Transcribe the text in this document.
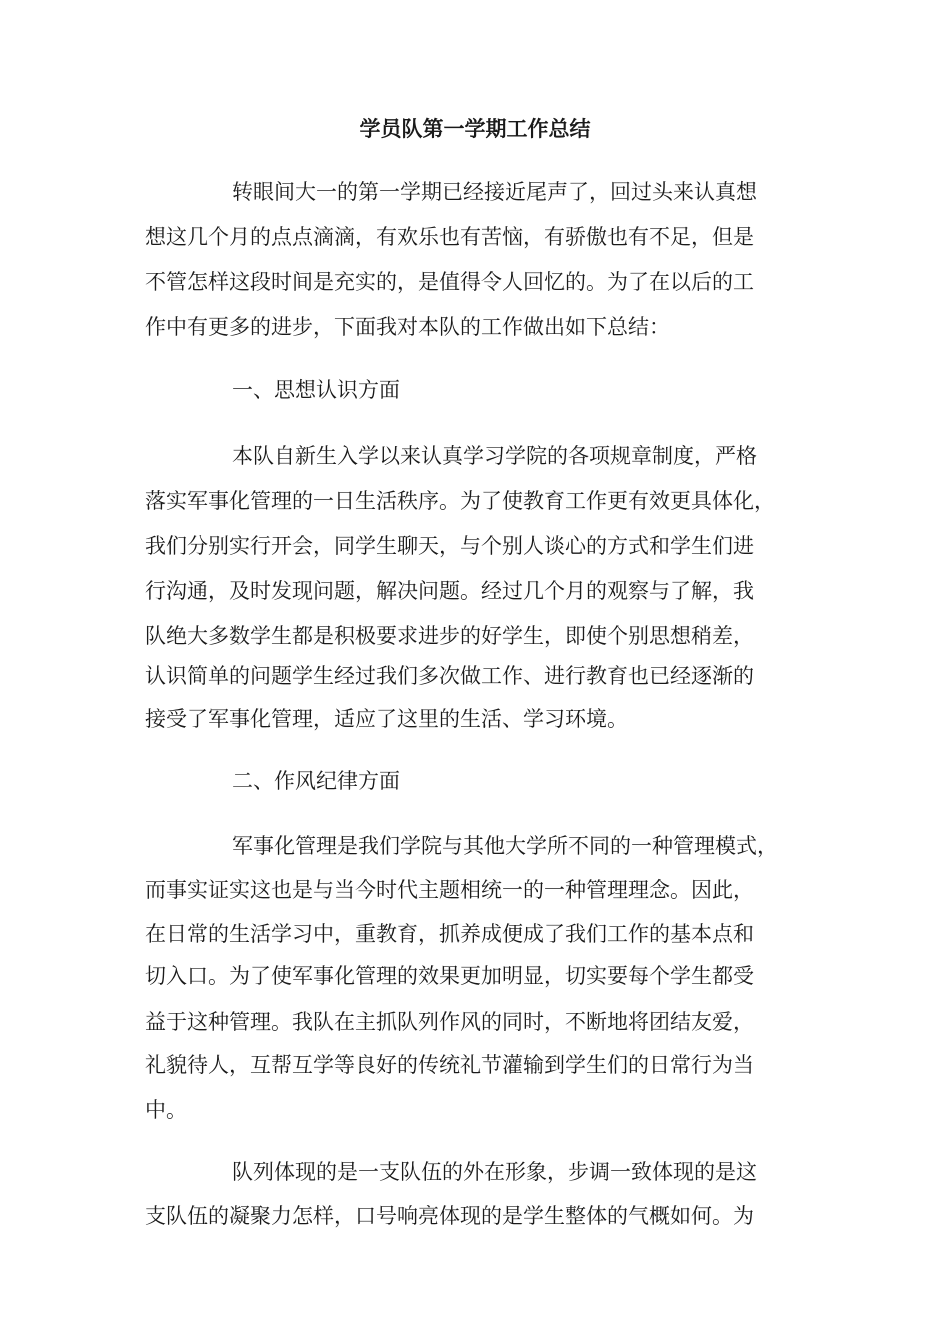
学员队第一学期工作总结
转眼间大一的第一学期已经接近尾声了，回过头来认真想
想这几个月的点点滴滴，有欢乐也有苦恼，有骄傲也有不足，但是
不管怎样这段时间是充实的，是值得令人回忆的。为了在以后的工
作中有更多的进步，下面我对本队的工作做出如下总结：
一、思想认识方面
本队自新生入学以来认真学习学院的各项规章制度，严格
落实军事化管理的一日生活秩序。为了使教育工作更有效更具体化，
我们分别实行开会，同学生聊天，与个别人谈心的方式和学生们进
行沟通，及时发现问题，解决问题。经过几个月的观察与了解，我
队绝大多数学生都是积极要求进步的好学生，即使个别思想稍差，
认识简单的问题学生经过我们多次做工作、进行教育也已经逐渐的
接受了军事化管理，适应了这里的生活、学习环境。
二、作风纪律方面
军事化管理是我们学院与其他大学所不同的一种管理模式，
而事实证实这也是与当今时代主题相统一的一种管理理念。因此，
在日常的生活学习中，重教育，抓养成便成了我们工作的基本点和
切入口。为了使军事化管理的效果更加明显，切实要每个学生都受
益于这种管理。我队在主抓队列作风的同时，不断地将团结友爱，
礼貌待人，互帮互学等良好的传统礼节灌输到学生们的日常行为当
中。
队列体现的是一支队伍的外在形象，步调一致体现的是这
支队伍的凝聚力怎样，口号响亮体现的是学生整体的气概如何。为
